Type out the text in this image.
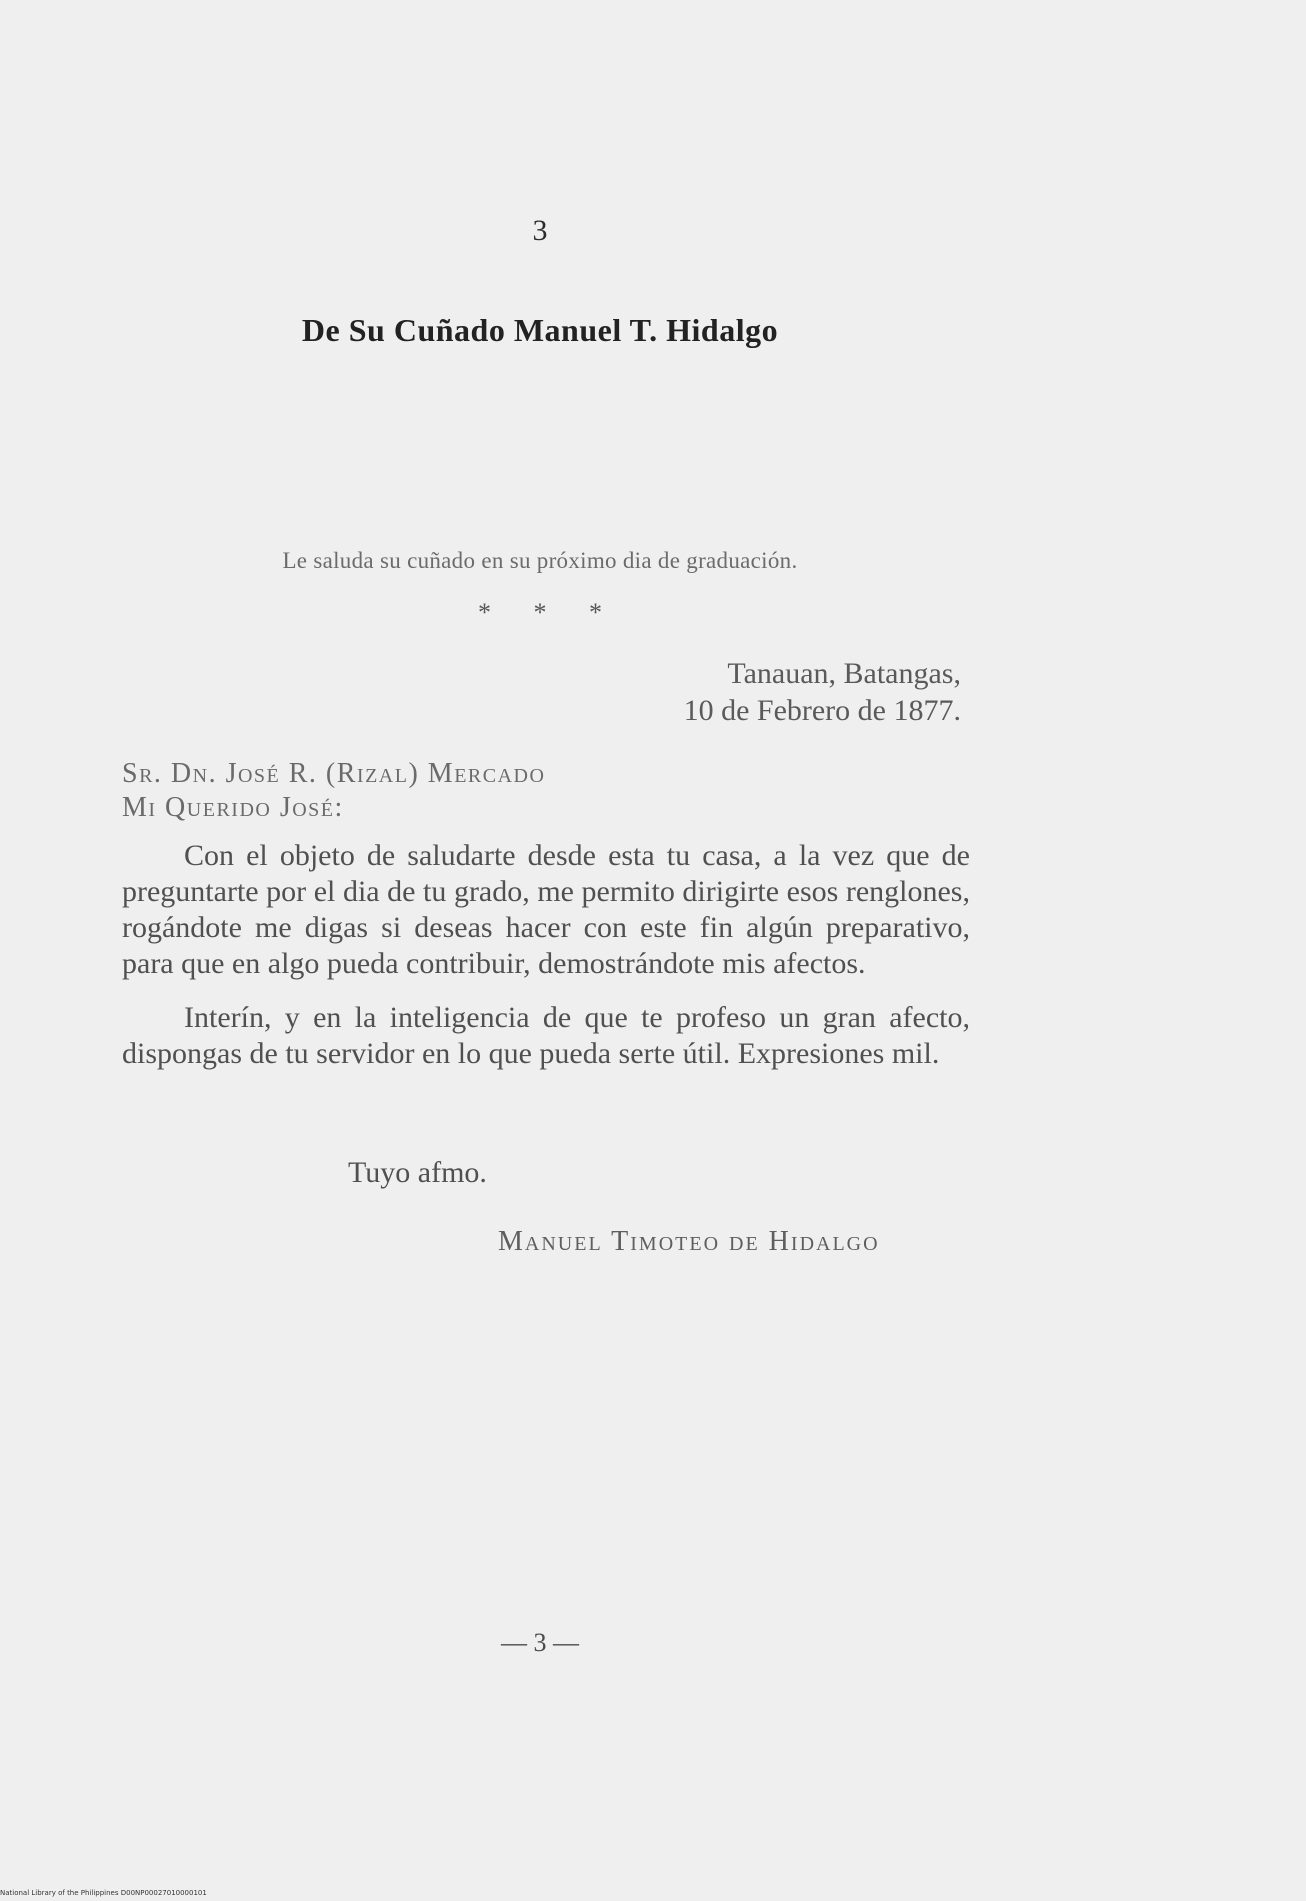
3
De Su Cuñado Manuel T. Hidalgo
Le saluda su cuñado en su próximo dia de graduación.
* * *
Tanauan, Batangas,
10 de Febrero de 1877.
Sr. Dn. José R. (Rizal) Mercado
Mi Querido José:

Con el objeto de saludarte desde esta tu casa, a la vez que de preguntarte por el dia de tu grado, me permito dirigirte esos renglones, rogándote me digas si deseas hacer con este fin algún preparativo, para que en algo pueda contribuir, demostrándote mis afectos.

Interín, y en la inteligencia de que te profeso un gran afecto, dispongas de tu servidor en lo que pueda serte útil. Expresiones mil.

Tuyo afmo.
Manuel Timoteo de Hidalgo
— 3 —
National Library of the Philippines D00NP00027010000101
